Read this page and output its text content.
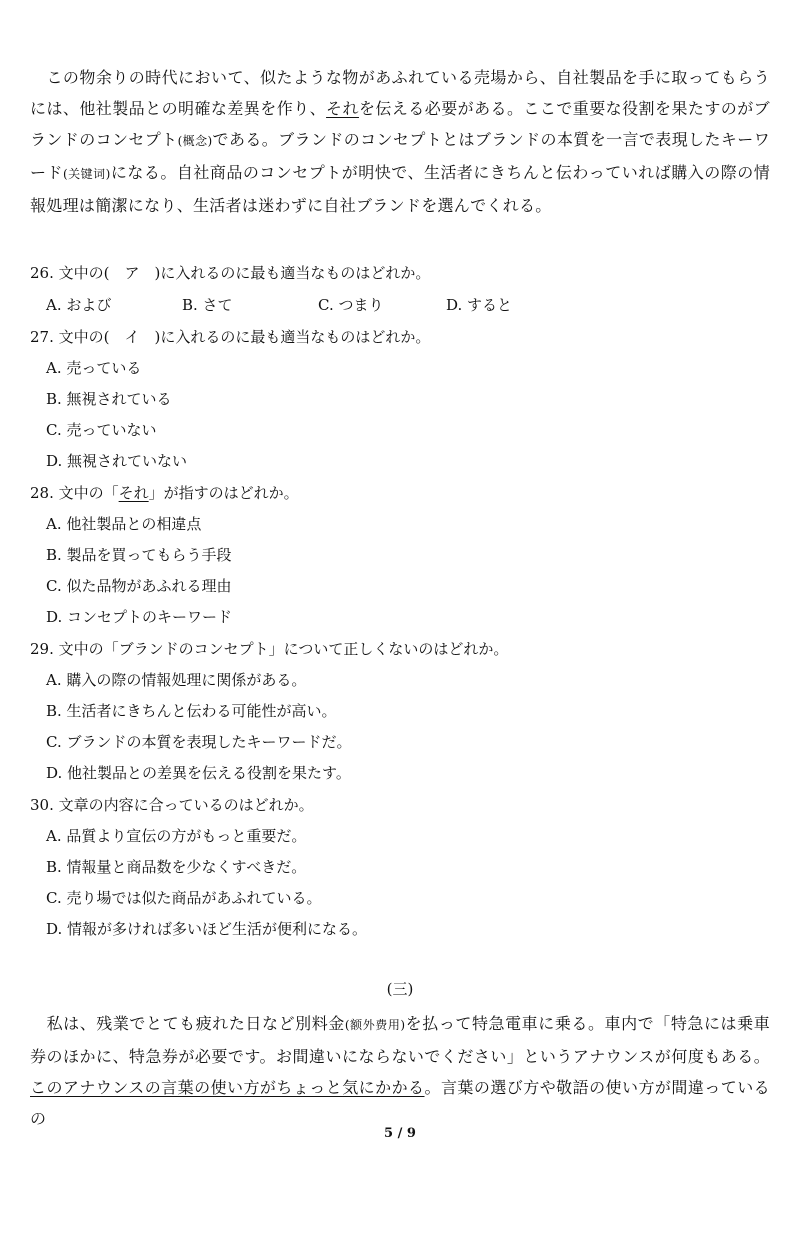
　この物余りの時代において、似たような物があふれている売場から、自社製品を手に取ってもらうには、他社製品との明確な差異を作り、それを伝える必要がある。ここで重要な役割を果たすのがブランドのコンセプト(概念)である。ブランドのコンセプトとはブランドの本質を一言で表現したキーワード(关键词)になる。自社商品のコンセプトが明快で、生活者にきちんと伝わっていれば購入の際の情報処理は簡潔になり、生活者は迷わずに自社ブランドを選んでくれる。
26. 文中の(　ア　)に入れるのに最も適当なものはどれか。
A. および	B. さて	C. つまり	D. すると
27. 文中の(　イ　)に入れるのに最も適当なものはどれか。
A. 売っている
B. 無視されている
C. 売っていない
D. 無視されていない
28. 文中の「それ」が指すのはどれか。
A. 他社製品との相違点
B. 製品を買ってもらう手段
C. 似た品物があふれる理由
D. コンセプトのキーワード
29. 文中の「ブランドのコンセプト」について正しくないのはどれか。
A. 購入の際の情報処理に関係がある。
B. 生活者にきちんと伝わる可能性が高い。
C. ブランドの本質を表現したキーワードだ。
D. 他社製品との差異を伝える役割を果たす。
30. 文章の内容に合っているのはどれか。
A. 品質より宣伝の方がもっと重要だ。
B. 情報量と商品数を少なくすべきだ。
C. 売り場では似た商品があふれている。
D. 情報が多ければ多いほど生活が便利になる。
(三)
　私は、残業でとても疲れた日など別料金(额外费用)を払って特急電車に乗る。車内で「特急には乗車券のほかに、特急券が必要です。お間違いにならないでください」というアナウンスが何度もある。このアナウンスの言葉の使い方がちょっと気にかかる。言葉の選び方や敬語の使い方が間違っているの
5 / 9
